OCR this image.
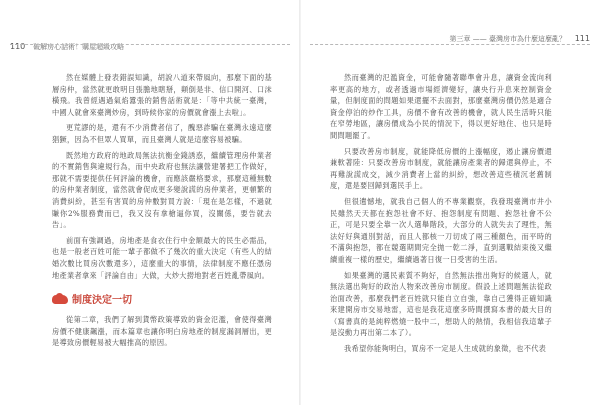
110 破解房心話術！購屋超級攻略
111
第三章 —— 臺灣房市為什麼這麼亂？

然在媒體上發表錯誤知識，胡說八道來帶風向，那麼下面的基層房仲，當然就更敢明目張膽地瞎掰，顛倒是非、信口開河、口沫橫飛。我曾經遇過氣焰囂張的銷售話術就是：「等中共統一臺灣，中國人就會來臺灣炒房，到時候你家的房價就會漲上去啦」。

更荒謬的是，還有不少消費者信了，醜惡詐騙在臺灣永遠這麼猖獗，因為不但眾人買單，而且臺灣人就是這麼容易被騙。

既然地方政府的地政局無法抗衡金錢誘惑，繼續管理房仲業者的不實銷售與違規行為，而中央政府也無法讓營建署把工作做好，那就不需要提供任何評論的機會，而應該嚴格要求，那麼這種無數的房仲業者制度，當然就會促成更多變說謊的房仲業者，更頓繁的消費糾紛，甚至有害買的房仲數對買方說：「現在是怎樣，不過就賺你2%服務費而已，我又沒有拿槍逼你買，沒關係，要告就去告」。

前面有強調過，房地產是食衣住行中金額最大的民生必需品，也是一般老百姓可能一輩子都做不了幾次的重大決定（有些人的結婚次數比買房次數還多），這麼重大的事情，法律制度不應任憑房地產業者拿來「評論自由」大做，大炒大撈地對老百姓亂帶風向。

制度決定一切

從第二章，我們了解到貨幣政策導致的資金氾濫，會使得臺灣房價不健康飆漲，而本篇章也讓你明白房地產的制度漏洞層出，更是導致房價輕易被大幅推高的原因。

然而臺灣的氾濫資金，可能會隨著聯準會升息，讓資金流向利率更高的地方，或者透過市場經濟變好，讓央行升息來控制資金量，但制度面的問題如果還擺不去面對，那麼臺灣房價仍然是適合資金停泊的炒作工具，房價不會有改善的機會，就人民生活時只能在窄勞地區，讓房價成為小民的情況下，得以更好地住、也只是時間問題罷了。

只要改善房市制度，就能降低房價的上漲幅度，遏止讓房價還兼軟著陸：只要改善房市制度，就能讓房產業者的歸還與停止，不再雞說謊成交，減少消費者上當的糾紛，想改善這些積沉老舊制度，還是要回歸到選民手上。

但很遺憾地，就我自己個人的不專業觀察，我發現臺灣市井小民雖然天天都在抱怨社會不好、抱怨制度有問題、抱怨社會不公正，可是只要全靠一次人選舉階段，大部分的人就失去了理性，無法好好與通別對話，而且人都核一刀切成了兩三種顏色，而平時的不滿與抱怨，都在競選期間完全拋一乾二淨，直到選戰結束後又繼續重複一樣的歷史，繼續過著日復一日受害的生活。

如果臺灣的選民素質不夠好，自然無法推出夠好的候選人，就無法選出夠好的政治人物來改善房市制度。假設上述問題無法從政治面改善，那麼我們老百姓就只能自立自強，靠自己獲得正確知識來建開房市交易地雷，這也是我花這麼多時間撰寫本書的最大目的（寫書真的是純粹燃燒一股中二，想助人的熱情，我相信我這輩子是沒動力再出第二本了）。

我希望你能夠明白，買房不一定是人生成就的象徵，也不代表
